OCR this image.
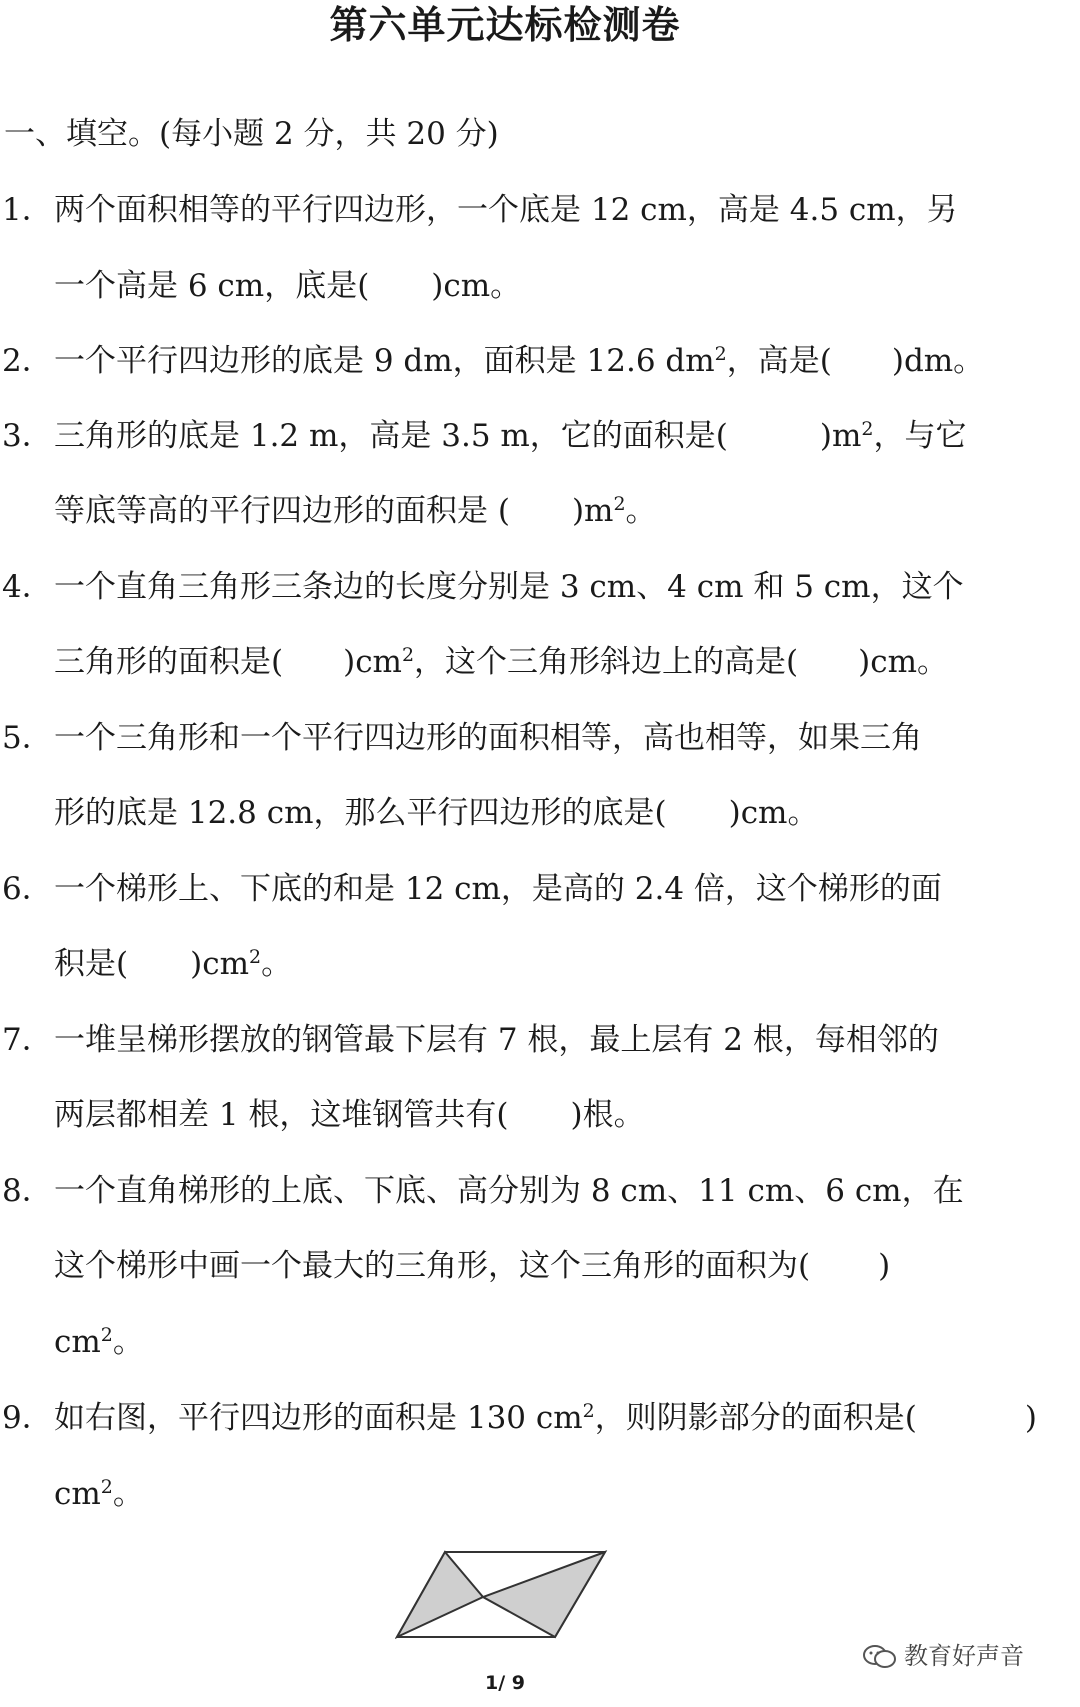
第六单元达标检测卷
一、填空。(每小题 2 分，共 20 分)
1． 两个面积相等的平行四边形，一个底是 12 cm，高是 4.5 cm，另
一个高是 6 cm，底是( )cm。
2． 一个平行四边形的底是 9 dm，面积是 12.6 $dm^2$，高是( )dm。
3． 三角形的底是 1.2 m，高是 3.5 m，它的面积是(	)$m^2$，与它
等底等高的平行四边形的面积是 ( )$m^2$。
4． 一个直角三角形三条边的长度分别是 3 cm、4 cm 和 5 cm，这个
三角形的面积是( )$cm^2$，这个三角形斜边上的高是( )cm。
5． 一个三角形和一个平行四边形的面积相等，高也相等，如果三角
形的底是 12.8 cm，那么平行四边形的底是( )cm。
6． 一个梯形上、下底的和是 12 cm，是高的 2.4 倍，这个梯形的面
积是( )$cm^2$。
7． 一堆呈梯形摆放的钢管最下层有 7 根，最上层有 2 根，每相邻的
两层都相差 1 根，这堆钢管共有( )根。
8． 一个直角梯形的上底、下底、高分别为 8 cm、11 cm、6 cm，在
这个梯形中画一个最大的三角形，这个三角形的面积为( )
$cm^2$。
9． 如右图，平行四边形的面积是 130 $cm^2$，则阴影部分的面积是(	)
$cm^2$。
教育好声音
1/ 9
